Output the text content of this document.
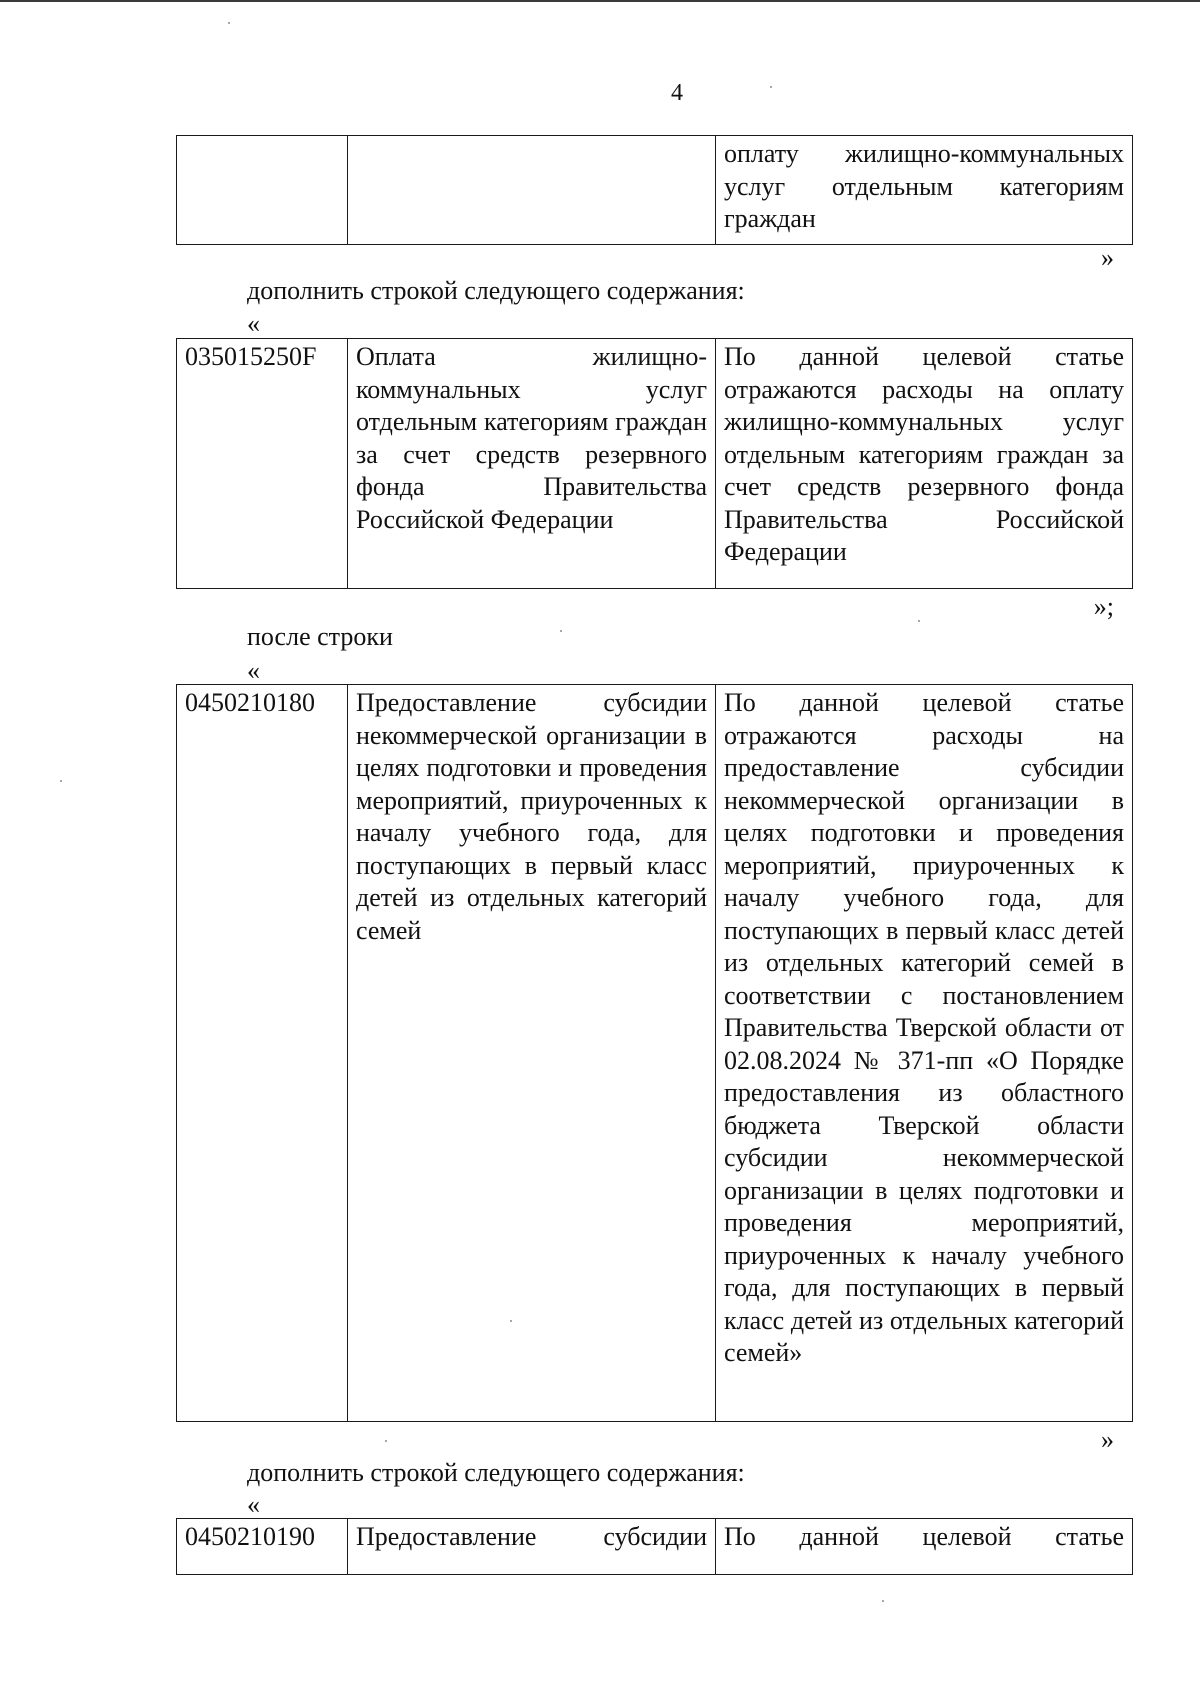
4
		оплату жилищно-коммунальных услуг отдельным категориям граждан
»
дополнить строкой следующего содержания:
«
035015250F	Оплата жилищно-коммунальных услуг отдельным категориям граждан за счет средств резервного фонда Правительства Российской Федерации	По данной целевой статье отражаются расходы на оплату жилищно-коммунальных услуг отдельным категориям граждан за счет средств резервного фонда Правительства Российской Федерации
»;
после строки
«
0450210180	Предоставление субсидии некоммерческой организации в целях подготовки и проведения мероприятий, приуроченных к началу учебного года, для поступающих в первый класс детей из отдельных категорий семей	По данной целевой статье отражаются расходы на предоставление субсидии некоммерческой организации в целях подготовки и проведения мероприятий, приуроченных к началу учебного года, для поступающих в первый класс детей из отдельных категорий семей в соответствии с постановлением Правительства Тверской области от 02.08.2024 № 371-пп «О Порядке предоставления из областного бюджета Тверской области субсидии некоммерческой организации в целях подготовки и проведения мероприятий, приуроченных к началу учебного года, для поступающих в первый класс детей из отдельных категорий семей»
»
дополнить строкой следующего содержания:
«
0450210190	Предоставление субсидии	По данной целевой статье
